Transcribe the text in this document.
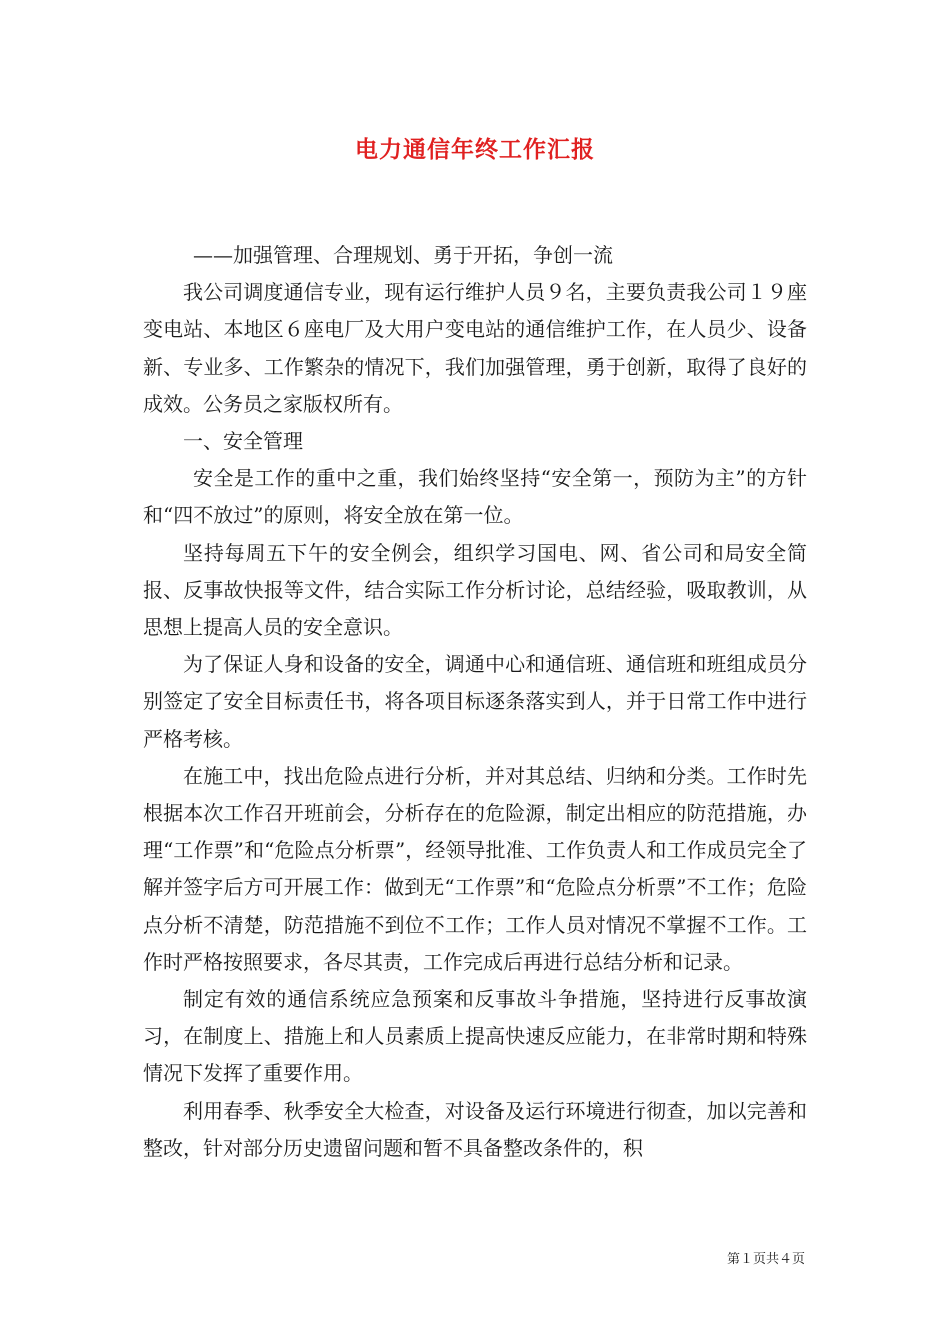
电力通信年终工作汇报

——加强管理、合理规划、勇于开拓，争创一流

我公司调度通信专业，现有运行维护人员９名，主要负责我公司１９座变电站、本地区６座电厂及大用户变电站的通信维护工作，在人员少、设备新、专业多、工作繁杂的情况下，我们加强管理，勇于创新，取得了良好的成效。公务员之家版权所有。

一、安全管理

安全是工作的重中之重，我们始终坚持“安全第一，预防为主”的方针和“四不放过”的原则，将安全放在第一位。

坚持每周五下午的安全例会，组织学习国电、网、省公司和局安全简报、反事故快报等文件，结合实际工作分析讨论，总结经验，吸取教训，从思想上提高人员的安全意识。

为了保证人身和设备的安全，调通中心和通信班、通信班和班组成员分别签定了安全目标责任书，将各项目标逐条落实到人，并于日常工作中进行严格考核。

在施工中，找出危险点进行分析，并对其总结、归纳和分类。工作时先根据本次工作召开班前会，分析存在的危险源，制定出相应的防范措施，办理“工作票”和“危险点分析票”，经领导批准、工作负责人和工作成员完全了解并签字后方可开展工作：做到无“工作票”和“危险点分析票”不工作；危险点分析不清楚，防范措施不到位不工作；工作人员对情况不掌握不工作。工作时严格按照要求，各尽其责，工作完成后再进行总结分析和记录。

制定有效的通信系统应急预案和反事故斗争措施，坚持进行反事故演习，在制度上、措施上和人员素质上提高快速反应能力，在非常时期和特殊情况下发挥了重要作用。

利用春季、秋季安全大检查，对设备及运行环境进行彻查，加以完善和整改，针对部分历史遗留问题和暂不具备整改条件的，积

第１页共４页
